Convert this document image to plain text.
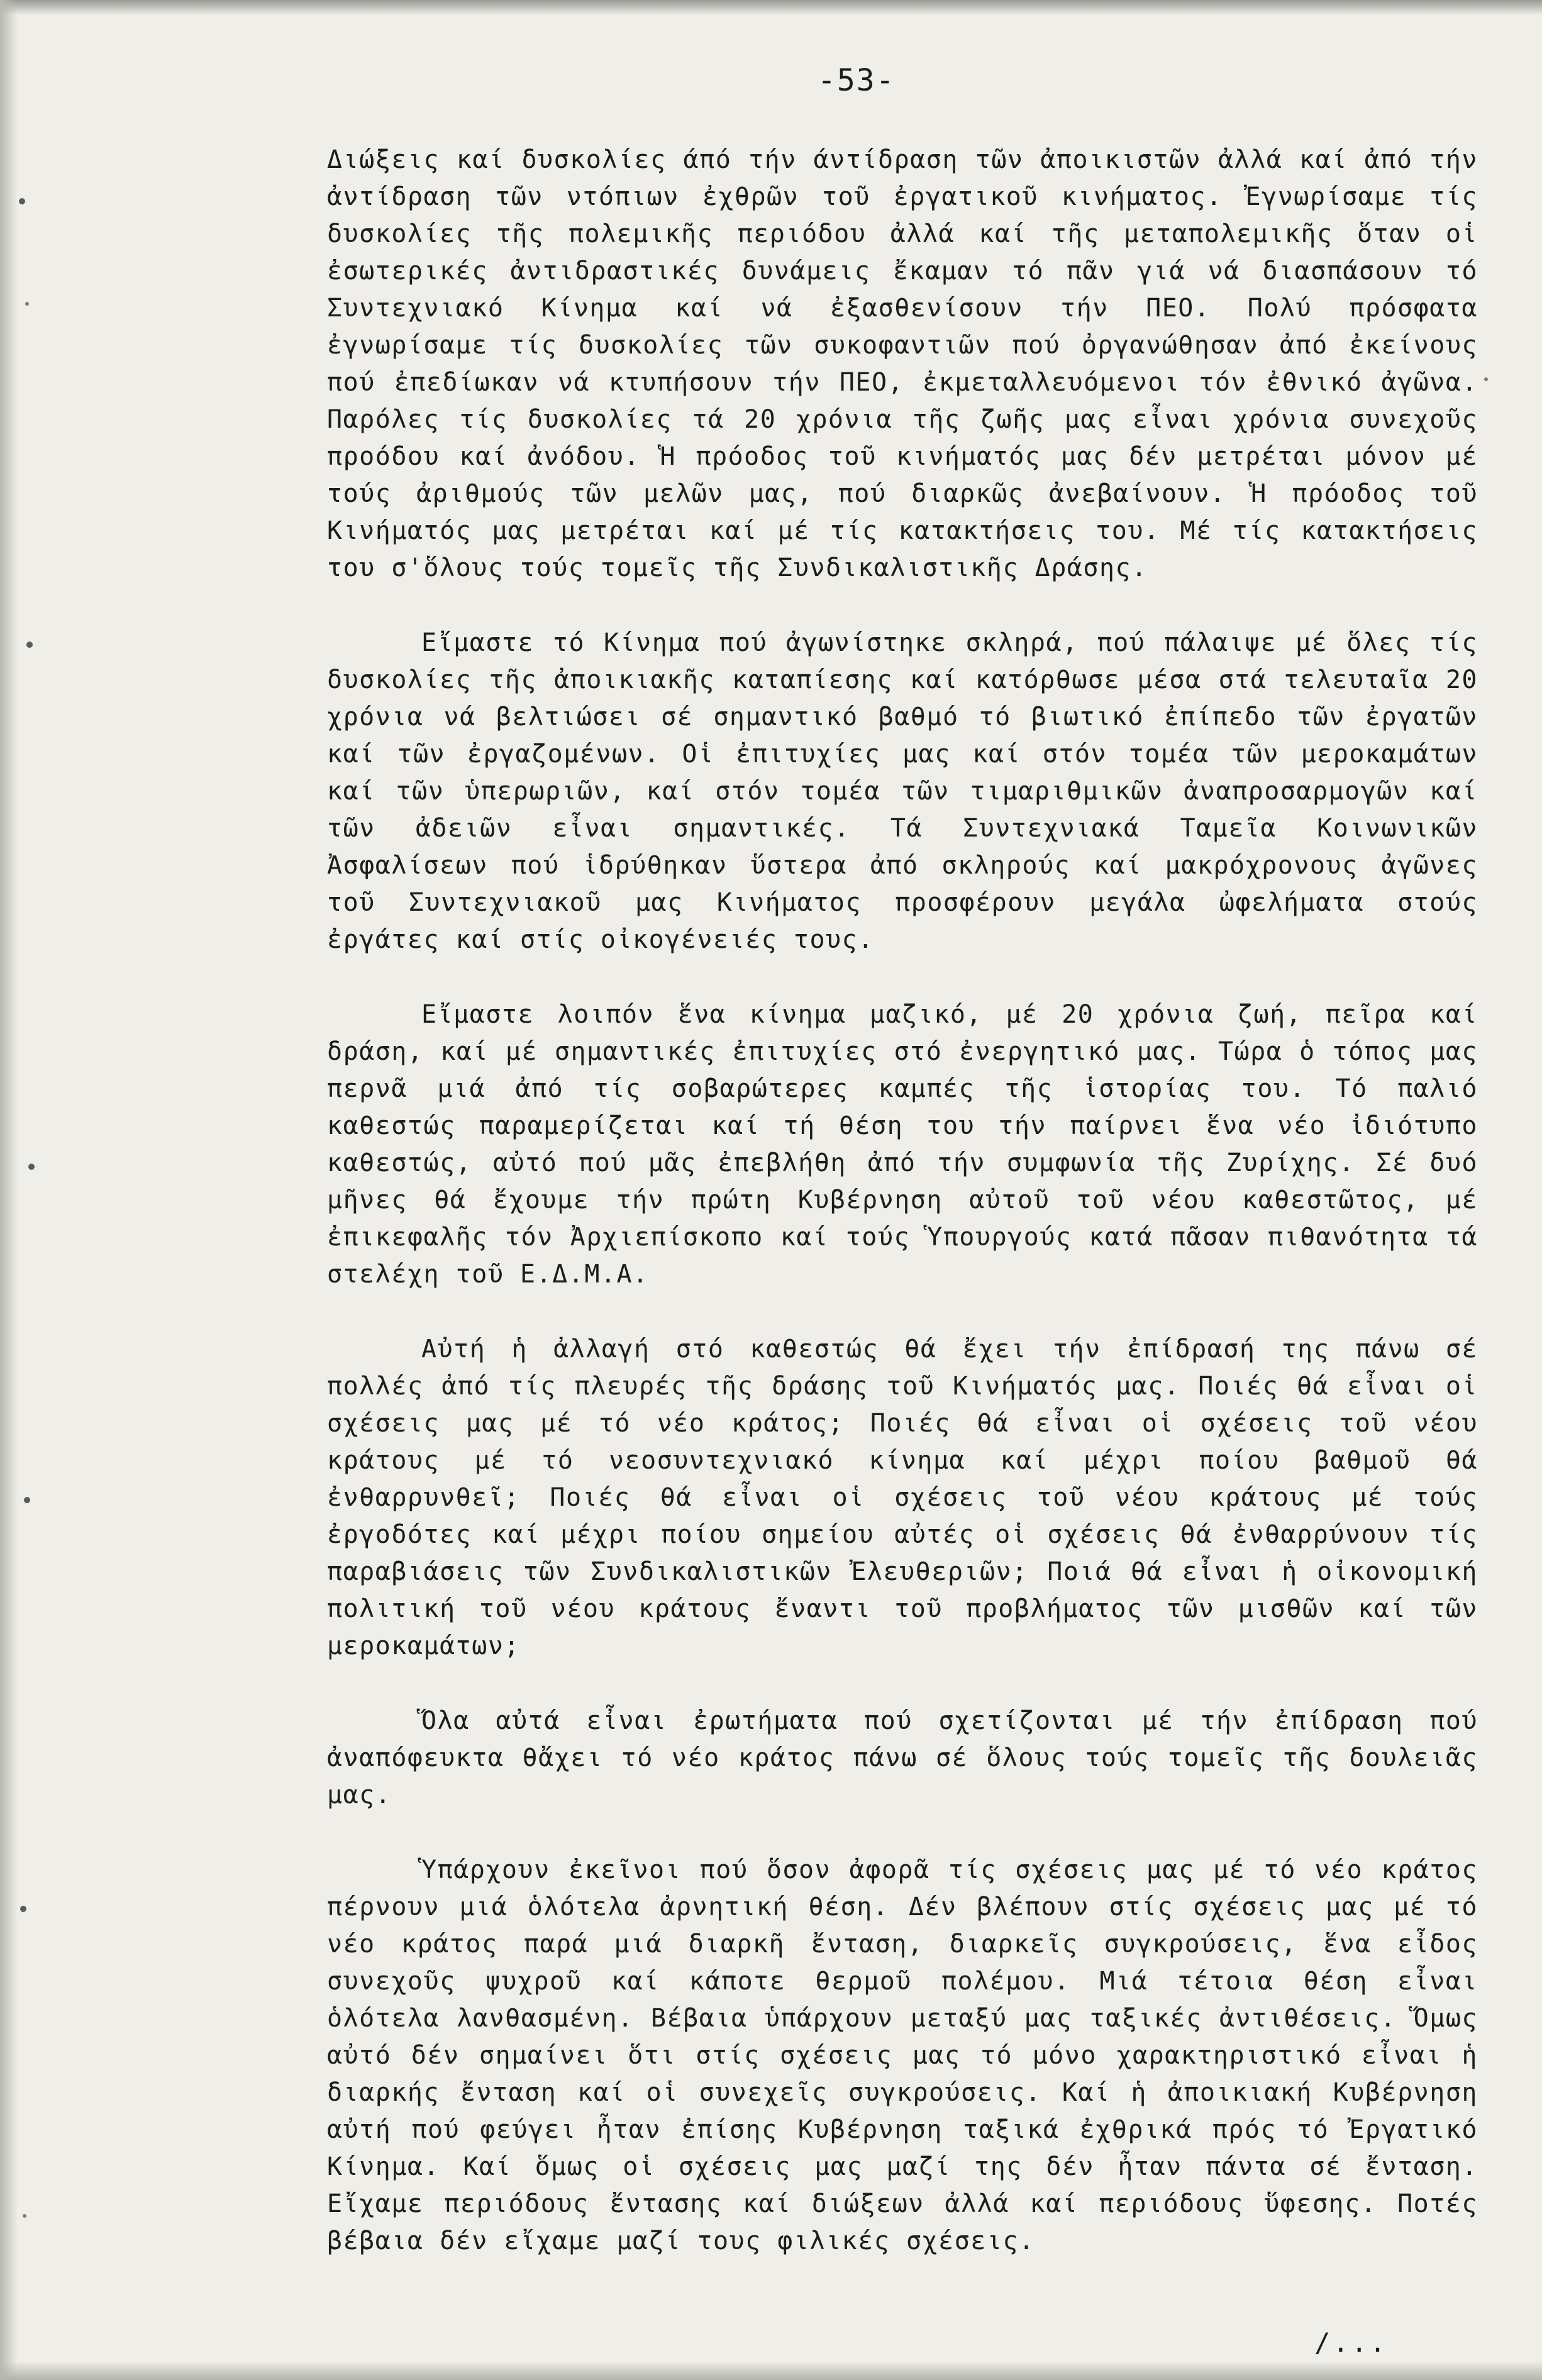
-53-

Διώξεις καί δυσκολίες άπό τήν άντίδραση τῶν ἀποικιστῶν ἀλλά καί ἀπό τήν ἀντίδραση τῶν ντόπιων ἐχθρῶν τοῦ ἐργατικοῦ κινήματος. Ἐγνωρίσαμε τίς δυσκολίες τῆς πολεμικῆς περιόδου ἀλλά καί τῆς μεταπολεμικῆς ὅταν οἱ ἐσωτερικές ἀντιδραστικές δυνάμεις ἔκαμαν τό πᾶν γιά νά διασπάσουν τό Συντεχνιακό Κίνημα καί νά ἐξασθενίσουν τήν ΠΕΟ. Πολύ πρόσφατα ἐγνωρίσαμε τίς δυσκολίες τῶν συκοφαντιῶν πού ὀργανώθησαν ἀπό ἐκείνους πού ἐπεδίωκαν νά κτυπήσουν τήν ΠΕΟ, ἐκμεταλλευόμενοι τόν ἐθνικό ἀγῶνα. Παρόλες τίς δυσκολίες τά 20 χρόνια τῆς ζωῆς μας εἶναι χρόνια συνεχοῦς προόδου καί ἀνόδου. Ἡ πρόοδος τοῦ κινήματός μας δέν μετρέται μόνον μέ τούς ἀριθμούς τῶν μελῶν μας, πού διαρκῶς ἀνεβαίνουν. Ἡ πρόοδος τοῦ Κινήματός μας μετρέται καί μέ τίς κατακτήσεις του. Μέ τίς κατακτήσεις του σ'ὅλους τούς τομεῖς τῆς Συνδικαλιστικῆς Δράσης.

Εἴμαστε τό Κίνημα πού ἀγωνίστηκε σκληρά, πού πάλαιψε μέ ὅλες τίς δυσκολίες τῆς ἀποικιακῆς καταπίεσης καί κατόρθωσε μέσα στά τελευταῖα 20 χρόνια νά βελτιώσει σέ σημαντικό βαθμό τό βιωτικό ἐπίπεδο τῶν ἐργατῶν καί τῶν ἐργαζομένων. Οἱ ἐπιτυχίες μας καί στόν τομέα τῶν μεροκαμάτων καί τῶν ὑπερωριῶν, καί στόν τομέα τῶν τιμαριθμικῶν ἀναπροσαρμογῶν καί τῶν ἀδειῶν εἶναι σημαντικές. Τά Συντεχνιακά Ταμεῖα Κοινωνικῶν Ἀσφαλίσεων πού ἱδρύθηκαν ὕστερα ἀπό σκληρούς καί μακρόχρονους ἀγῶνες τοῦ Συντεχνιακοῦ μας Κινήματος προσφέρουν μεγάλα ὠφελήματα στούς ἐργάτες καί στίς οἰκογένειές τους.

Εἴμαστε λοιπόν ἕνα κίνημα μαζικό, μέ 20 χρόνια ζωή, πεῖρα καί δράση, καί μέ σημαντικές ἐπιτυχίες στό ἐνεργητικό μας. Τώρα ὁ τόπος μας περνᾶ μιά ἀπό τίς σοβαρώτερες καμπές τῆς ἱστορίας του. Τό παλιό καθεστώς παραμερίζεται καί τή θέση του τήν παίρνει ἕνα νέο ἰδιότυπο καθεστώς, αὐτό πού μᾶς ἐπεβλήθη ἀπό τήν συμφωνία τῆς Ζυρίχης. Σέ δυό μῆνες θά ἔχουμε τήν πρώτη Κυβέρνηση αὐτοῦ τοῦ νέου καθεστῶτος, μέ ἐπικεφαλῆς τόν Ἀρχιεπίσκοπο καί τούς Ὑπουργούς κατά πᾶσαν πιθανότητα τά στελέχη τοῦ Ε.Δ.Μ.Α.

Αὐτή ἡ ἀλλαγή στό καθεστώς θά ἔχει τήν ἐπίδρασή της πάνω σέ πολλές ἀπό τίς πλευρές τῆς δράσης τοῦ Κινήματός μας. Ποιές θά εἶναι οἱ σχέσεις μας μέ τό νέο κράτος; Ποιές θά εἶναι οἱ σχέσεις τοῦ νέου κράτους μέ τό νεοσυντεχνιακό κίνημα καί μέχρι ποίου βαθμοῦ θά ἐνθαρρυνθεῖ; Ποιές θά εἶναι οἱ σχέσεις τοῦ νέου κράτους μέ τούς ἐργοδότες καί μέχρι ποίου σημείου αὐτές οἱ σχέσεις θά ἐνθαρρύνουν τίς παραβιάσεις τῶν Συνδικαλιστικῶν Ἐλευθεριῶν; Ποιά θά εἶναι ἡ οἰκονομική πολιτική τοῦ νέου κράτους ἔναντι τοῦ προβλήματος τῶν μισθῶν καί τῶν μεροκαμάτων;

Ὅλα αὐτά εἶναι ἐρωτήματα πού σχετίζονται μέ τήν ἐπίδραση πού ἀναπόφευκτα θἄχει τό νέο κράτος πάνω σέ ὅλους τούς τομεῖς τῆς δουλειᾶς μας.

Ὑπάρχουν ἐκεῖνοι πού ὅσον ἀφορᾶ τίς σχέσεις μας μέ τό νέο κράτος πέρνουν μιά ὁλότελα ἀρνητική θέση. Δέν βλέπουν στίς σχέσεις μας μέ τό νέο κράτος παρά μιά διαρκῆ ἔνταση, διαρκεῖς συγκρούσεις, ἕνα εἶδος συνεχοῦς ψυχροῦ καί κάποτε θερμοῦ πολέμου. Μιά τέτοια θέση εἶναι ὁλότελα λανθασμένη. Βέβαια ὑπάρχουν μεταξύ μας ταξικές ἀντιθέσεις. Ὅμως αὐτό δέν σημαίνει ὅτι στίς σχέσεις μας τό μόνο χαρακτηριστικό εἶναι ἡ διαρκής ἔνταση καί οἱ συνεχεῖς συγκρούσεις. Καί ἡ ἀποικιακή Κυβέρνηση αὐτή πού φεύγει ἦταν ἐπίσης Κυβέρνηση ταξικά ἐχθρικά πρός τό Ἐργατικό Κίνημα. Καί ὅμως οἱ σχέσεις μας μαζί της δέν ἦταν πάντα σέ ἔνταση. Εἴχαμε περιόδους ἔντασης καί διώξεων ἀλλά καί περιόδους ὕφεσης. Ποτές βέβαια δέν εἴχαμε μαζί τους φιλικές σχέσεις.

/...
